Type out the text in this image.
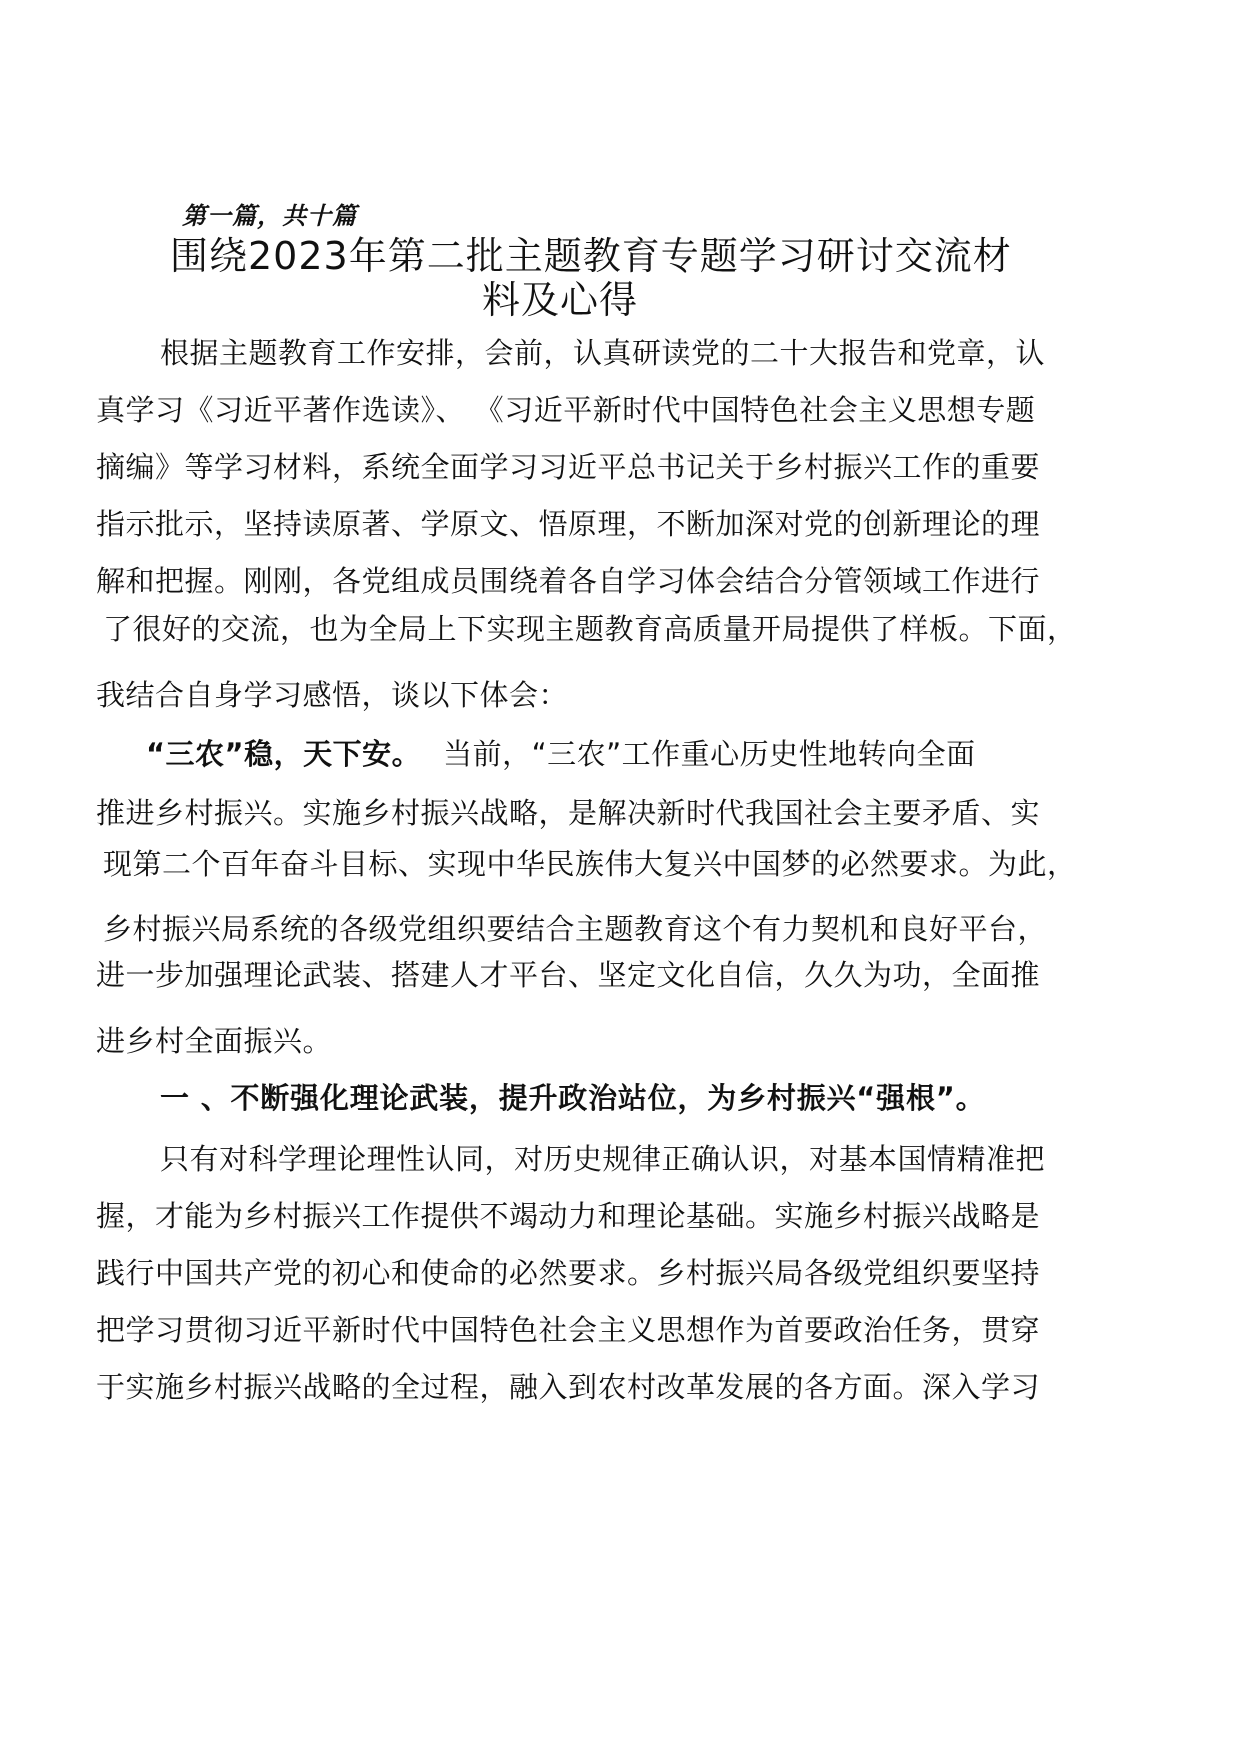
第一篇，共十篇
围绕2023年第二批主题教育专题学习研讨交流材
料及心得
根据主题教育工作安排，会前，认真研读党的二十大报告和党章，认
真学习《习近平著作选读》、 《习近平新时代中国特色社会主义思想专题
摘编》等学习材料，系统全面学习习近平总书记关于乡村振兴工作的重要
指示批示，坚持读原著、学原文、悟原理，不断加深对党的创新理论的理
解和把握。刚刚，各党组成员围绕着各自学习体会结合分管领域工作进行
了很好的交流，也为全局上下实现主题教育高质量开局提供了样板。下面，
我结合自身学习感悟，谈以下体会：
“三农”稳，天下安。 当前，“三农”工作重心历史性地转向全面
推进乡村振兴。实施乡村振兴战略，是解决新时代我国社会主要矛盾、实
现第二个百年奋斗目标、实现中华民族伟大复兴中国梦的必然要求。为此，
乡村振兴局系统的各级党组织要结合主题教育这个有力契机和良好平台，
进一步加强理论武装、搭建人才平台、坚定文化自信，久久为功，全面推
进乡村全面振兴。
一 、不断强化理论武装，提升政治站位，为乡村振兴“强根”。
只有对科学理论理性认同，对历史规律正确认识，对基本国情精准把
握，才能为乡村振兴工作提供不竭动力和理论基础。实施乡村振兴战略是
践行中国共产党的初心和使命的必然要求。乡村振兴局各级党组织要坚持
把学习贯彻习近平新时代中国特色社会主义思想作为首要政治任务，贯穿
于实施乡村振兴战略的全过程，融入到农村改革发展的各方面。深入学习
